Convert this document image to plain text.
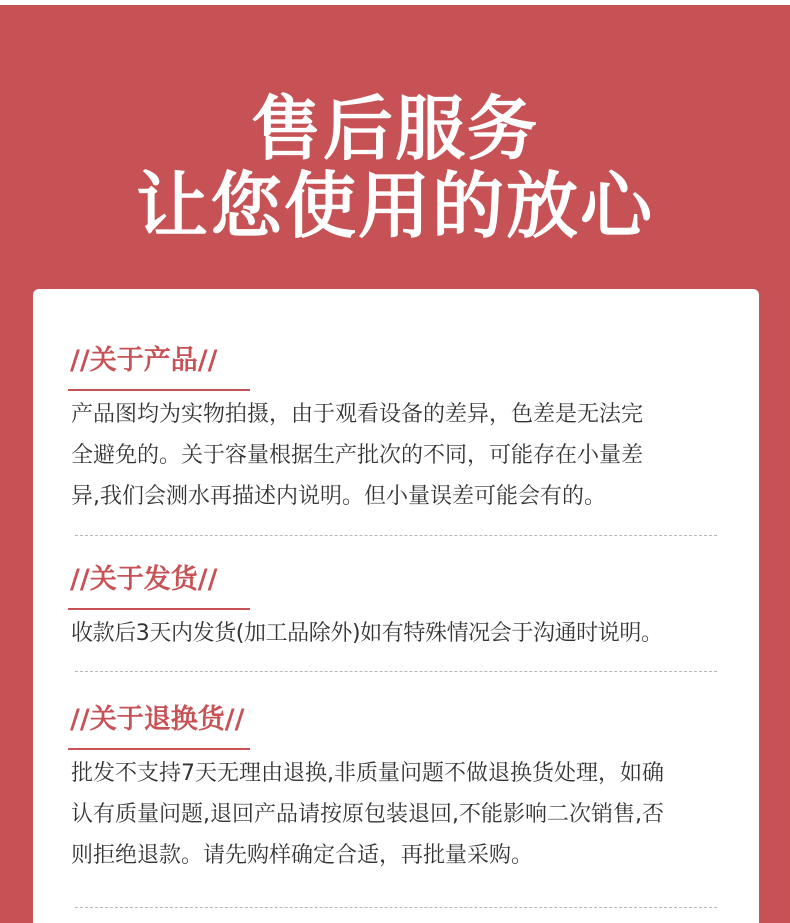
售后服务
让您使用的放心
//关于产品//
产品图均为实物拍摄，由于观看设备的差异，色差是无法完
全避免的。关于容量根据生产批次的不同，可能存在小量差
异,我们会测水再描述内说明。但小量误差可能会有的。
//关于发货//
收款后3天内发货(加工品除外)如有特殊情况会于沟通时说明。
//关于退换货//
批发不支持7天无理由退换,非质量问题不做退换货处理，如确
认有质量问题,退回产品请按原包装退回,不能影响二次销售,否
则拒绝退款。请先购样确定合适，再批量采购。
